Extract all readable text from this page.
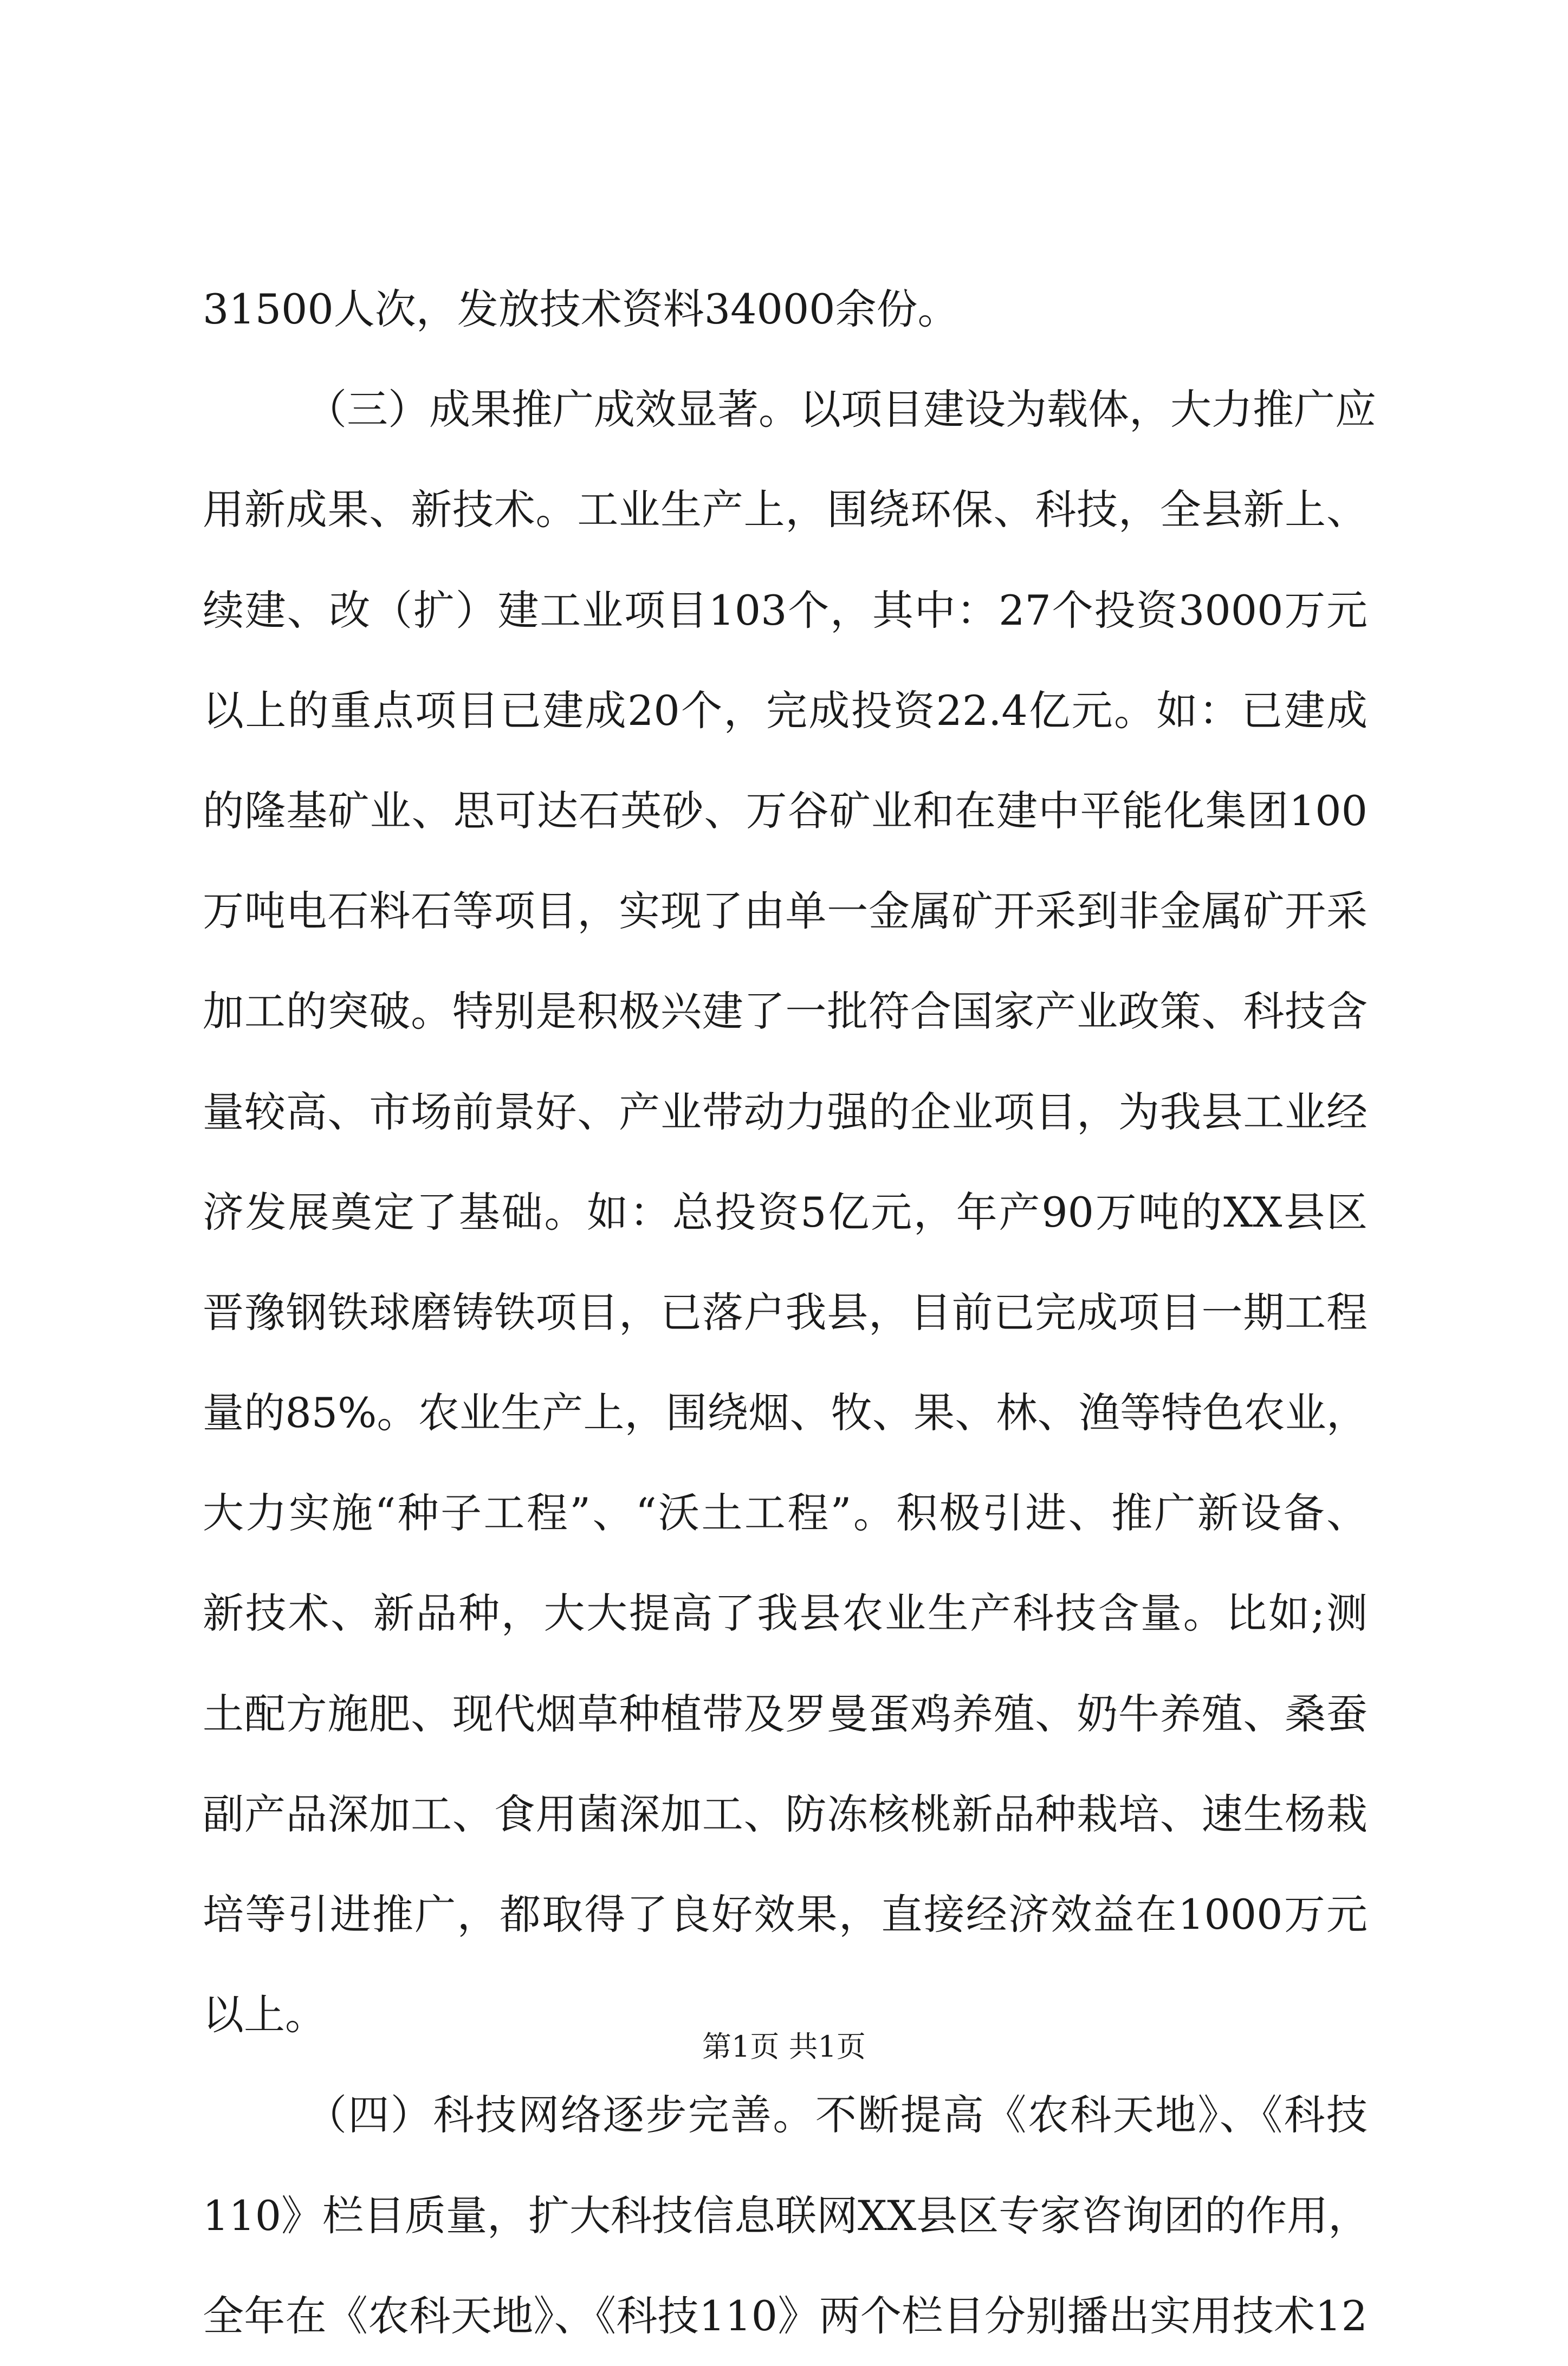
31500人次，发放技术资料34000余份。
（三）成果推广成效显著。以项目建设为载体，大力推广应
用新成果、新技术。工业生产上，围绕环保、科技，全县新上、
续建、改（扩）建工业项目103个，其中：27个投资3000万元
以上的重点项目已建成20个，完成投资22.4亿元。如：已建成
的隆基矿业、思可达石英砂、万谷矿业和在建中平能化集团100
万吨电石料石等项目，实现了由单一金属矿开采到非金属矿开采
加工的突破。特别是积极兴建了一批符合国家产业政策、科技含
量较高、市场前景好、产业带动力强的企业项目，为我县工业经
济发展奠定了基础。如：总投资5亿元，年产90万吨的XX县区
晋豫钢铁球磨铸铁项目，已落户我县，目前已完成项目一期工程
量的85%。农业生产上，围绕烟、牧、果、林、渔等特色农业，
大力实施“种子工程”、“沃土工程”。积极引进、推广新设备、
新技术、新品种，大大提高了我县农业生产科技含量。比如;测
土配方施肥、现代烟草种植带及罗曼蛋鸡养殖、奶牛养殖、桑蚕
副产品深加工、食用菌深加工、防冻核桃新品种栽培、速生杨栽
培等引进推广，都取得了良好效果，直接经济效益在1000万元
以上。
（四）科技网络逐步完善。不断提高《农科天地》、《科技
110》栏目质量，扩大科技信息联网XX县区专家咨询团的作用，
全年在《农科天地》、《科技110》两个栏目分别播出实用技术12
第1页 共1页
